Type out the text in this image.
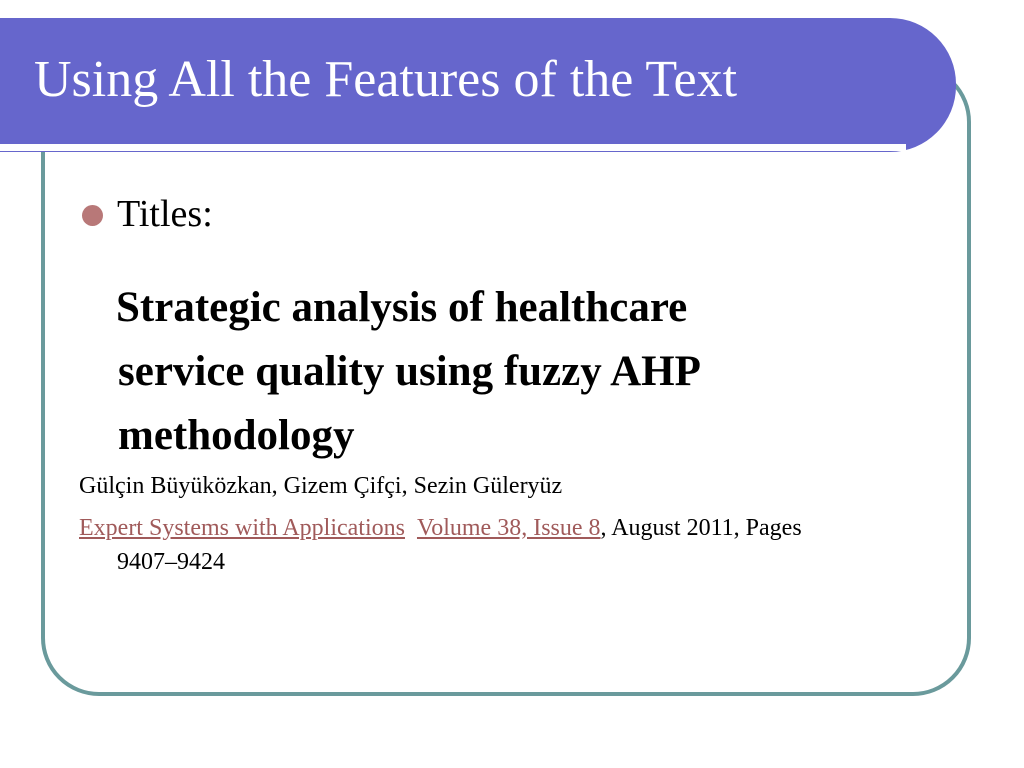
Using All the Features of the Text
Titles:
Strategic analysis of healthcare
service quality using fuzzy AHP
methodology
Gülçin Büyüközkan, Gizem Çifçi, Sezin Güleryüz
Expert Systems with Applications Volume 38, Issue 8, August 2011, Pages
9407–9424
